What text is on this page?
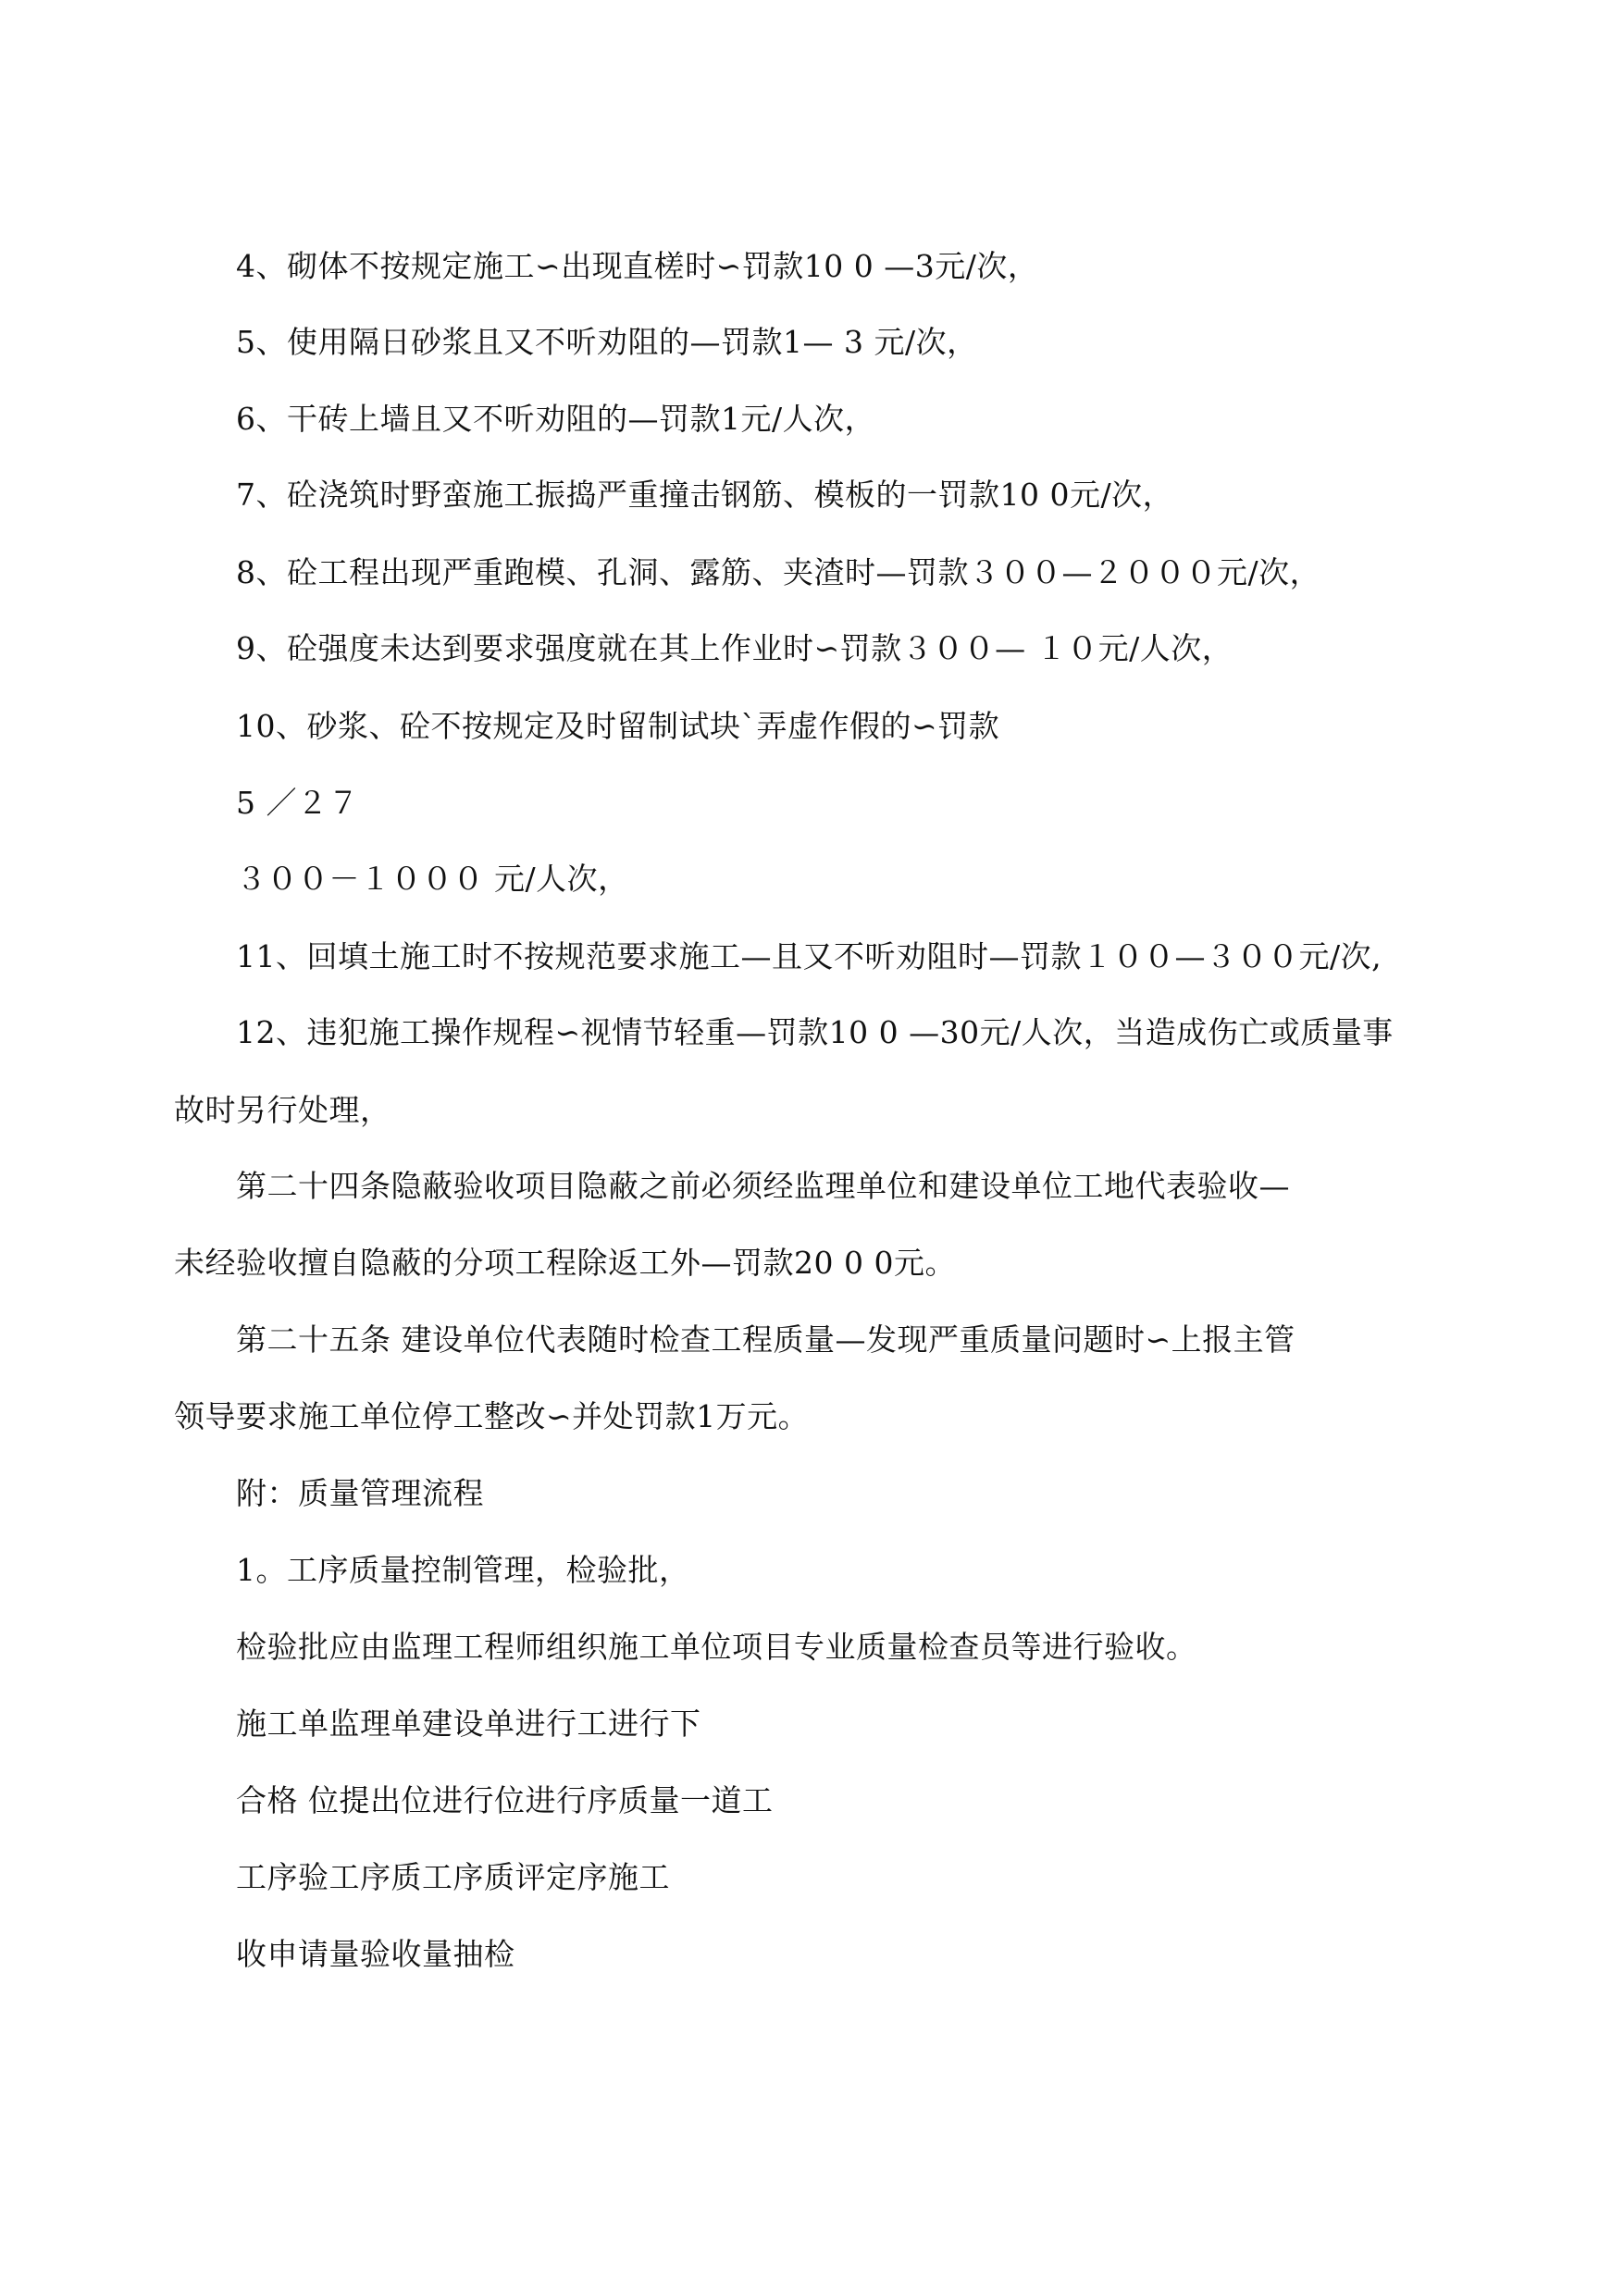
4、砌体不按规定施工∽出现直槎时∽罚款10 0 —3元/次，
5、使用隔日砂浆且又不听劝阻的—罚款1— 3 元/次，
6、干砖上墙且又不听劝阻的—罚款1元/人次，
7、砼浇筑时野蛮施工振捣严重撞击钢筋、模板的一罚款10 0元/次，
8、砼工程出现严重跑模、孔洞、露筋、夹渣时—罚款３００—２０００元/次，
9、砼强度未达到要求强度就在其上作业时∽罚款３００— １０元/人次，
10、砂浆、砼不按规定及时留制试块`弄虚作假的∽罚款
5 ／２７
３００－１０００ 元/人次，
11、回填土施工时不按规范要求施工—且又不听劝阻时—罚款１００—３００元/次,
12、违犯施工操作规程∽视情节轻重—罚款10 0 —30元/人次，当造成伤亡或质量事
故时另行处理，
第二十四条隐蔽验收项目隐蔽之前必须经监理单位和建设单位工地代表验收—
未经验收擅自隐蔽的分项工程除返工外—罚款20 0 0元。
第二十五条 建设单位代表随时检查工程质量—发现严重质量问题时∽上报主管
领导要求施工单位停工整改∽并处罚款1万元。
附：质量管理流程
1。工序质量控制管理，检验批，
检验批应由监理工程师组织施工单位项目专业质量检查员等进行验收。
施工单监理单建设单进行工进行下
合格 位提出位进行位进行序质量一道工
工序验工序质工序质评定序施工
收申请量验收量抽检
